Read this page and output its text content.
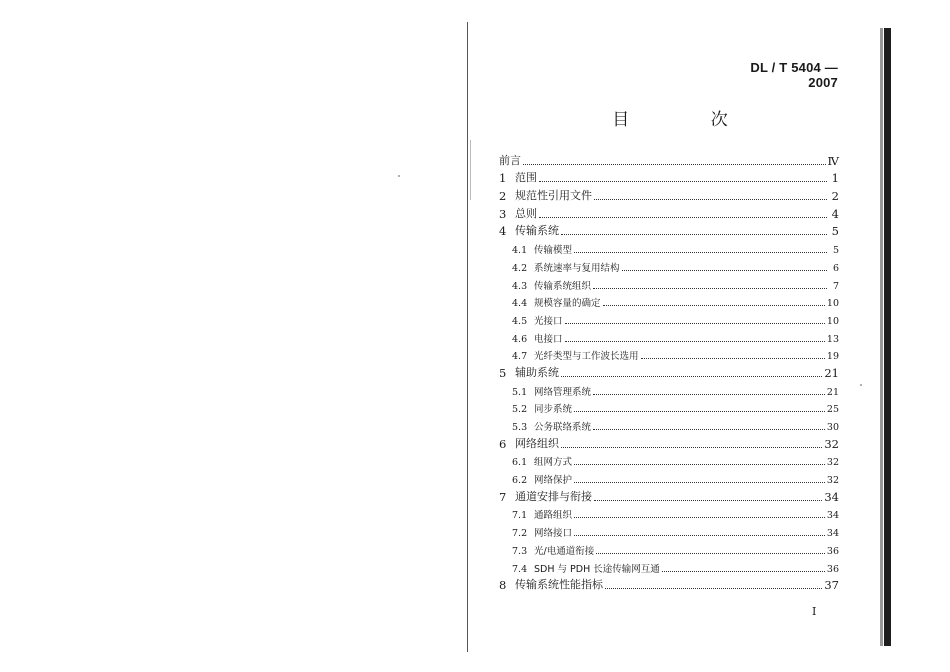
DL / T 5404 — 2007
目 次
前言	Ⅳ
1 范围	1
2 规范性引用文件	2
3 总则	4
4 传输系统	5
4.1 传输模型	5
4.2 系统速率与复用结构	6
4.3 传输系统组织	7
4.4 规模容量的确定	10
4.5 光接口	10
4.6 电接口	13
4.7 光纤类型与工作波长选用	19
5 辅助系统	21
5.1 网络管理系统	21
5.2 同步系统	25
5.3 公务联络系统	30
6 网络组织	32
6.1 组网方式	32
6.2 网络保护	32
7 通道安排与衔接	34
7.1 通路组织	34
7.2 网络接口	34
7.3 光/电通道衔接	36
7.4 SDH 与 PDH 长途传输网互通	36
8 传输系统性能指标	37
I
